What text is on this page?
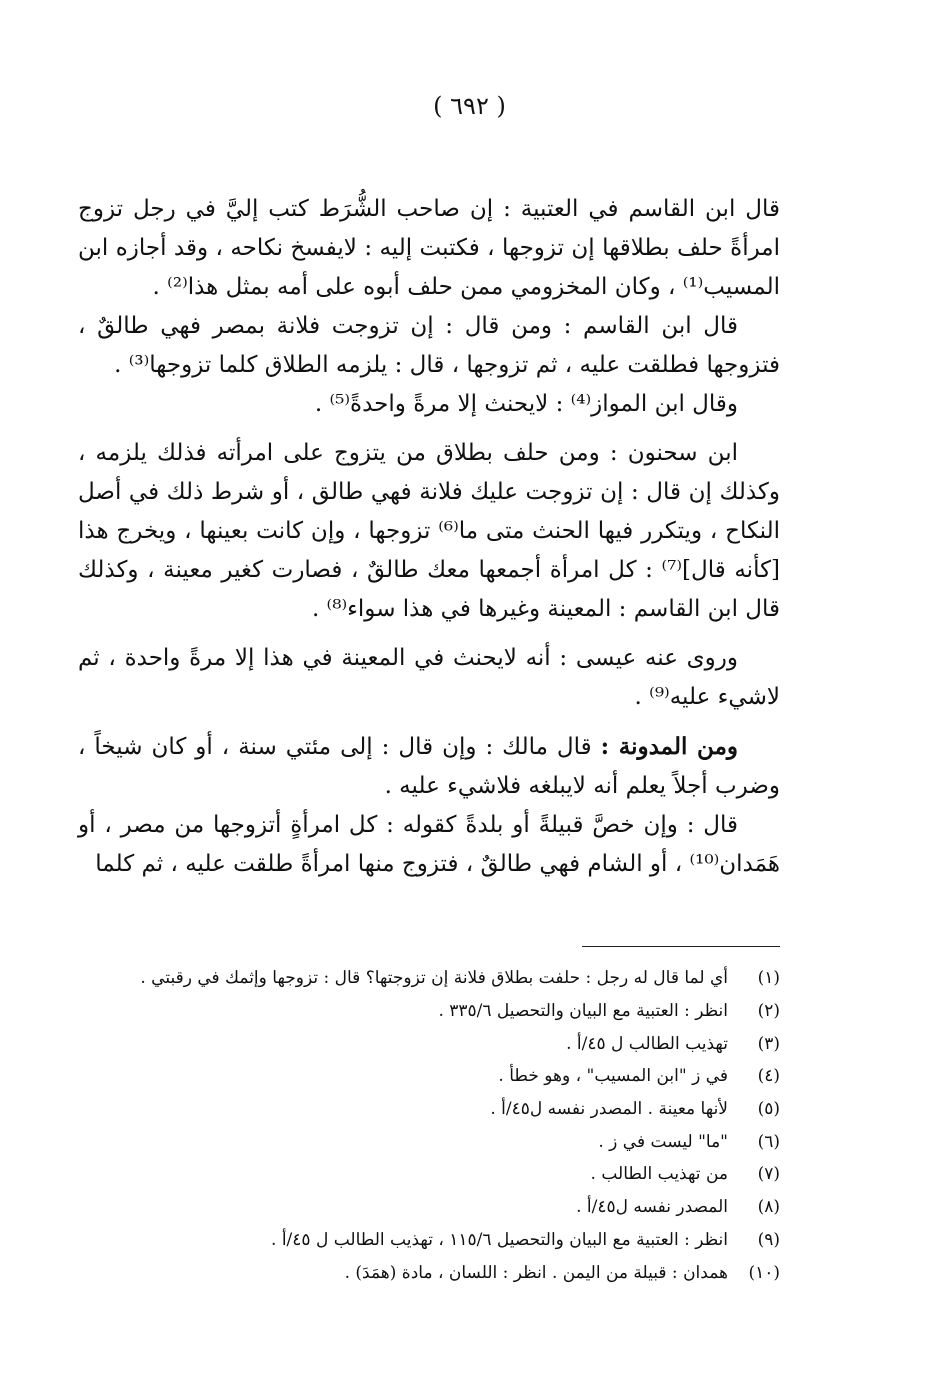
( ٦٩٢ )

قال ابن القاسم في العتبية : إن صاحب الشُّرَط كتب إليَّ في رجل تزوج امرأةً حلف بطلاقها إن تزوجها ، فكتبت إليه : لايفسخ نكاحه ، وقد أجازه ابن المسيب⁽¹⁾ ، وكان المخزومي ممن حلف أبوه على أمه بمثل هذا⁽²⁾ .

قال ابن القاسم : ومن قال : إن تزوجت فلانة بمصر فهي طالقٌ ، فتزوجها فطلقت عليه ، ثم تزوجها ، قال : يلزمه الطلاق كلما تزوجها⁽³⁾ .

وقال ابن المواز⁽⁴⁾ : لايحنث إلا مرةً واحدةً⁽⁵⁾ .

ابن سحنون : ومن حلف بطلاق من يتزوج على امرأته فذلك يلزمه ، وكذلك إن قال : إن تزوجت عليك فلانة فهي طالق ، أو شرط ذلك في أصل النكاح ، ويتكرر فيها الحنث متى ما⁽⁶⁾ تزوجها ، وإن كانت بعينها ، ويخرج هذا [كأنه قال]⁽⁷⁾ : كل امرأة أجمعها معك طالقٌ ، فصارت كغير معينة ، وكذلك قال ابن القاسم : المعينة وغيرها في هذا سواء⁽⁸⁾ .

وروى عنه عيسى : أنه لايحنث في المعينة في هذا إلا مرةً واحدة ، ثم لاشيء عليه⁽⁹⁾ .

ومن المدونة : قال مالك : وإن قال : إلى مئتي سنة ، أو كان شيخاً ، وضرب أجلاً يعلم أنه لايبلغه فلاشيء عليه .

قال : وإن خصَّ قبيلةً أو بلدةً كقوله : كل امرأةٍ أتزوجها من مصر ، أو هَمَدان⁽¹⁰⁾ ، أو الشام فهي طالقٌ ، فتزوج منها امرأةً طلقت عليه ، ثم كلما

(١)
أي لما قال له رجل : حلفت بطلاق فلانة إن تزوجتها؟ قال : تزوجها وإثمك في رقبتي .
(٢)
انظر : العتبية مع البيان والتحصيل ٣٣٥/٦ .
(٣)
تهذيب الطالب ل ٤٥/أ .
(٤)
في ز "ابن المسيب" ، وهو خطأ .
(٥)
لأنها معينة . المصدر نفسه ل٤٥/أ .
(٦)
"ما" ليست في ز .
(٧)
من تهذيب الطالب .
(٨)
المصدر نفسه ل٤٥/أ .
(٩)
انظر : العتبية مع البيان والتحصيل ١١٥/٦ ، تهذيب الطالب ل ٤٥/أ .
(١٠)
همدان : قبيلة من اليمن . انظر : اللسان ، مادة (همَدَ) .
